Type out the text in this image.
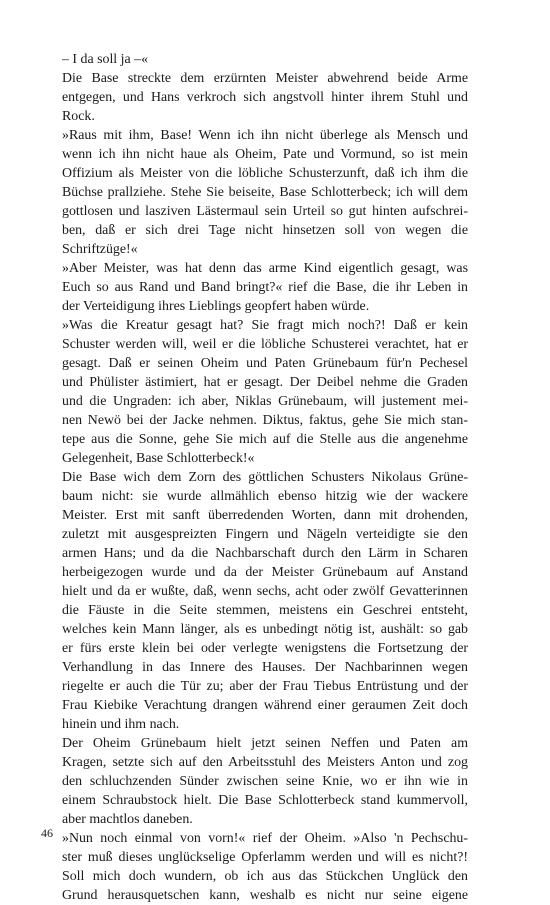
– I da soll ja –«
Die Base streckte dem erzürnten Meister abwehrend beide Arme
entgegen, und Hans verkroch sich angstvoll hinter ihrem Stuhl und
Rock.
»Raus mit ihm, Base! Wenn ich ihn nicht überlege als Mensch und
wenn ich ihn nicht haue als Oheim, Pate und Vormund, so ist mein
Offizium als Meister von die löbliche Schusterzunft, daß ich ihm die
Büchse prallziehe. Stehe Sie beiseite, Base Schlotterbeck; ich will dem
gottlosen und lasziven Lästermaul sein Urteil so gut hinten aufschrei-
ben, daß er sich drei Tage nicht hinsetzen soll von wegen die
Schriftzüge!«
»Aber Meister, was hat denn das arme Kind eigentlich gesagt, was
Euch so aus Rand und Band bringt?« rief die Base, die ihr Leben in
der Verteidigung ihres Lieblings geopfert haben würde.
»Was die Kreatur gesagt hat? Sie fragt mich noch?! Daß er kein
Schuster werden will, weil er die löbliche Schusterei verachtet, hat er
gesagt. Daß er seinen Oheim und Paten Grünebaum für'n Pechesel
und Phülister ästimiert, hat er gesagt. Der Deibel nehme die Graden
und die Ungraden: ich aber, Niklas Grünebaum, will justement mei-
nen Newö bei der Jacke nehmen. Diktus, faktus, gehe Sie mich stan-
tepe aus die Sonne, gehe Sie mich auf die Stelle aus die angenehme
Gelegenheit, Base Schlotterbeck!«
Die Base wich dem Zorn des göttlichen Schusters Nikolaus Grüne-
baum nicht: sie wurde allmählich ebenso hitzig wie der wackere
Meister. Erst mit sanft überredenden Worten, dann mit drohenden,
zuletzt mit ausgespreizten Fingern und Nägeln verteidigte sie den
armen Hans; und da die Nachbarschaft durch den Lärm in Scharen
herbeigezogen wurde und da der Meister Grünebaum auf Anstand
hielt und da er wußte, daß, wenn sechs, acht oder zwölf Gevatterinnen
die Fäuste in die Seite stemmen, meistens ein Geschrei entsteht,
welches kein Mann länger, als es unbedingt nötig ist, aushält: so gab
er fürs erste klein bei oder verlegte wenigstens die Fortsetzung der
Verhandlung in das Innere des Hauses. Der Nachbarinnen wegen
riegelte er auch die Tür zu; aber der Frau Tiebus Entrüstung und der
Frau Kiebike Verachtung drangen während einer geraumen Zeit doch
hinein und ihm nach.
Der Oheim Grünebaum hielt jetzt seinen Neffen und Paten am
Kragen, setzte sich auf den Arbeitsstuhl des Meisters Anton und zog
den schluchzenden Sünder zwischen seine Knie, wo er ihn wie in
einem Schraubstock hielt. Die Base Schlotterbeck stand kummervoll,
aber machtlos daneben.
»Nun noch einmal von vorn!« rief der Oheim. »Also 'n Pechschu-
ster muß dieses unglückselige Opferlamm werden und will es nicht?!
Soll mich doch wundern, ob ich aus das Stückchen Unglück den
Grund herausquetschen kann, weshalb es nicht nur seine eigene
46
